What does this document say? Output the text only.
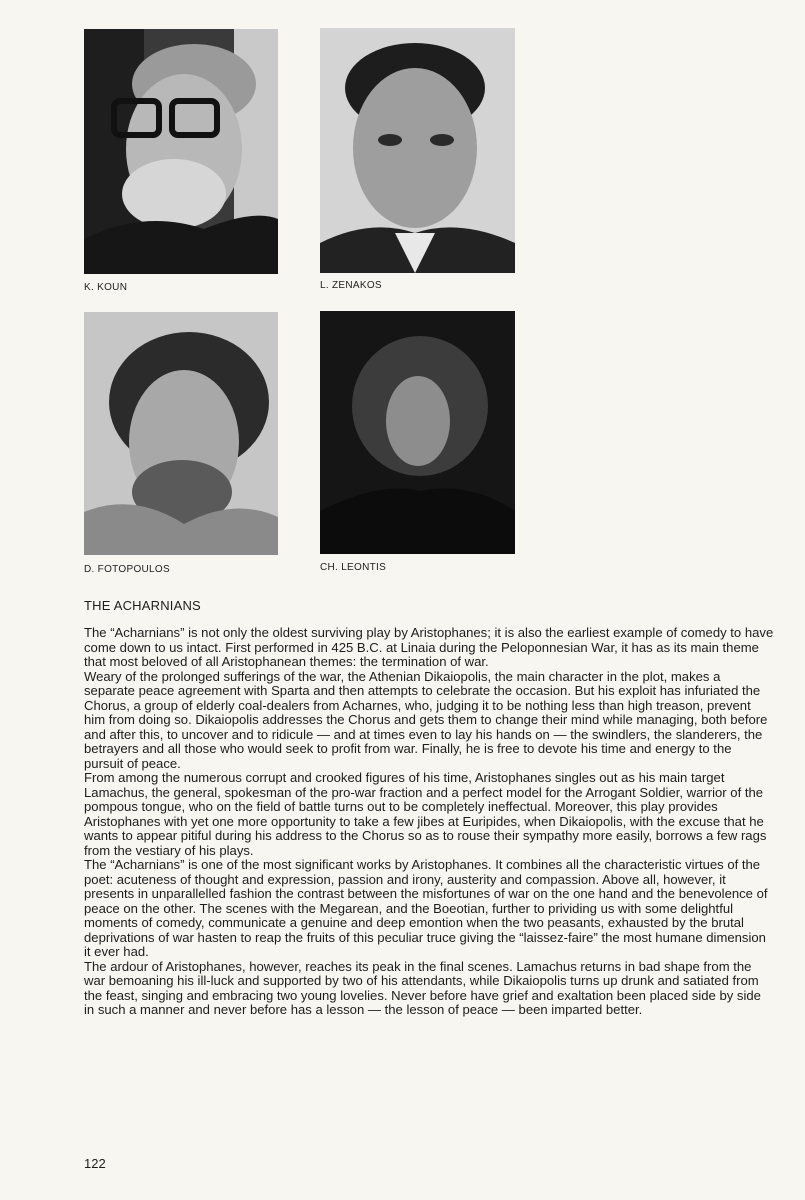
K. KOUN	L. ZENAKOS
D. FOTOPOULOS	CH. LEONTIS
THE ACHARNIANS

The “Acharnians” is not only the oldest surviving play by Aristophanes; it is also the earliest example of comedy to have come down to us intact. First performed in 425 B.C. at Linaia during the Peloponnesian War, it has as its main theme that most beloved of all Aristophanean themes: the termination of war.

Weary of the prolonged sufferings of the war, the Athenian Dikaiopolis, the main character in the plot, makes a separate peace agreement with Sparta and then attempts to celebrate the occasion. But his exploit has infuriated the Chorus, a group of elderly coal-dealers from Acharnes, who, judging it to be nothing less than high treason, prevent him from doing so. Dikaiopolis addresses the Chorus and gets them to change their mind while managing, both before and after this, to uncover and to ridicule — and at times even to lay his hands on — the swindlers, the slanderers, the betrayers and all those who would seek to profit from war. Finally, he is free to devote his time and energy to the pursuit of peace.

From among the numerous corrupt and crooked figures of his time, Aristophanes singles out as his main target Lamachus, the general, spokesman of the pro-war fraction and a perfect model for the Arrogant Soldier, warrior of the pompous tongue, who on the field of battle turns out to be completely ineffectual. Moreover, this play provides Aristophanes with yet one more opportunity to take a few jibes at Euripides, when Dikaiopolis, with the excuse that he wants to appear pitiful during his address to the Chorus so as to rouse their sympathy more easily, borrows a few rags from the vestiary of his plays.

The “Acharnians” is one of the most significant works by Aristophanes. It combines all the characteristic virtues of the poet: acuteness of thought and expression, passion and irony, austerity and compassion. Above all, however, it presents in unparallelled fashion the contrast between the misfortunes of war on the one hand and the benevolence of peace on the other. The scenes with the Megarean, and the Boeotian, further to prividing us with some delightful moments of comedy, communicate a genuine and deep emontion when the two peasants, exhausted by the brutal deprivations of war hasten to reap the fruits of this peculiar truce giving the “laissez-faire” the most humane dimension it ever had.

The ardour of Aristophanes, however, reaches its peak in the final scenes. Lamachus returns in bad shape from the war bemoaning his ill-luck and supported by two of his attendants, while Dikaiopolis turns up drunk and satiated from the feast, singing and embracing two young lovelies. Never before have grief and exaltation been placed side by side in such a manner and never before has a lesson — the lesson of peace — been imparted better.

122
